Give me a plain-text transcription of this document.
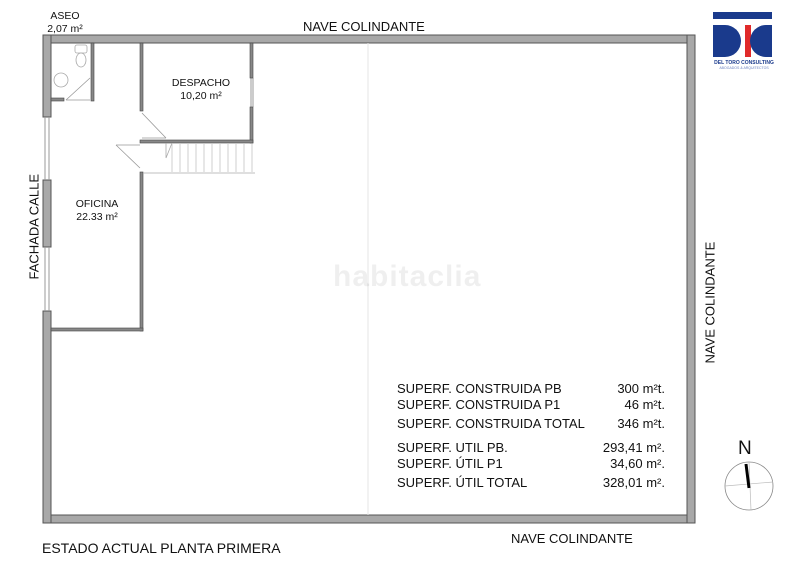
DEL TORO CONSULTING
ABOGADOS & ARQUITECTOS
habitaclia
NAVE COLINDANTE
NAVE COLINDANTE
FACHADA CALLE
NAVE COLINDANTE
ASEO
2,07 m²
DESPACHO
10,20 m²
OFICINA
22.33 m²
SUPERF. CONSTRUIDA PB	300 m²t.
SUPERF. CONSTRUIDA P1	46 m²t.
SUPERF. CONSTRUIDA TOTAL 346 m²t.
SUPERF. UTIL PB.	293,41 m².
SUPERF. ÚTIL P1	34,60 m².
SUPERF. ÚTIL TOTAL	328,01 m².
N
ESTADO ACTUAL PLANTA PRIMERA
